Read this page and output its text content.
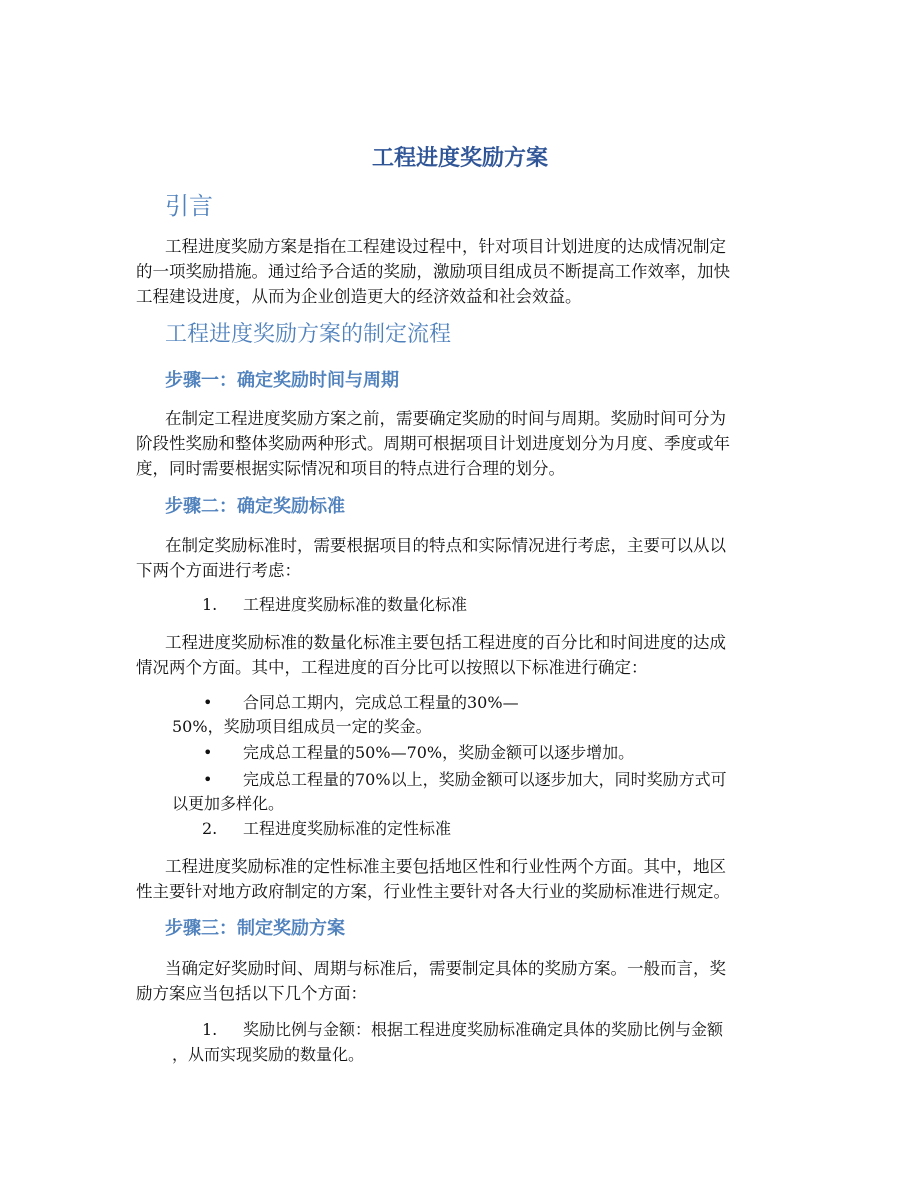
工程进度奖励方案
引言
工程进度奖励方案是指在工程建设过程中，针对项目计划进度的达成情况制定
的一项奖励措施。通过给予合适的奖励，激励项目组成员不断提高工作效率，加快
工程建设进度，从而为企业创造更大的经济效益和社会效益。
工程进度奖励方案的制定流程
步骤一：确定奖励时间与周期
在制定工程进度奖励方案之前，需要确定奖励的时间与周期。奖励时间可分为
阶段性奖励和整体奖励两种形式。周期可根据项目计划进度划分为月度、季度或年
度，同时需要根据实际情况和项目的特点进行合理的划分。
步骤二：确定奖励标准
在制定奖励标准时，需要根据项目的特点和实际情况进行考虑，主要可以从以
下两个方面进行考虑：
1. 工程进度奖励标准的数量化标准
工程进度奖励标准的数量化标准主要包括工程进度的百分比和时间进度的达成
情况两个方面。其中，工程进度的百分比可以按照以下标准进行确定：
• 合同总工期内，完成总工程量的30%—
50%，奖励项目组成员一定的奖金。
• 完成总工程量的50%—70%，奖励金额可以逐步增加。
• 完成总工程量的70%以上，奖励金额可以逐步加大，同时奖励方式可
以更加多样化。
2. 工程进度奖励标准的定性标准
工程进度奖励标准的定性标准主要包括地区性和行业性两个方面。其中，地区
性主要针对地方政府制定的方案，行业性主要针对各大行业的奖励标准进行规定。
步骤三：制定奖励方案
当确定好奖励时间、周期与标准后，需要制定具体的奖励方案。一般而言，奖
励方案应当包括以下几个方面：
1. 奖励比例与金额：根据工程进度奖励标准确定具体的奖励比例与金额
，从而实现奖励的数量化。
